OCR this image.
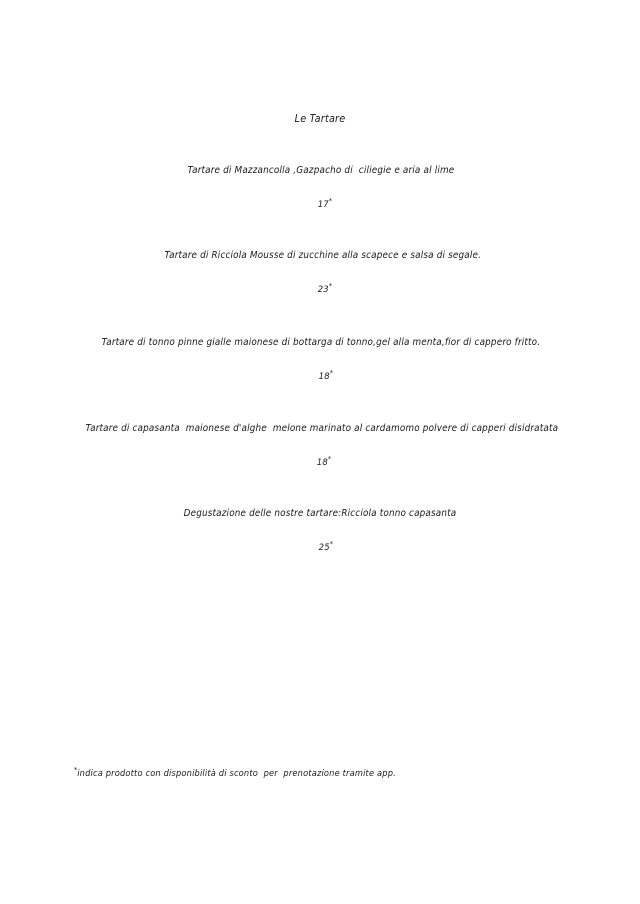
Le Tartare
Tartare di Mazzancolla ,Gazpacho di  ciliegie e aria al lime

17*

Tartare di Ricciola Mousse di zucchine alla scapece e salsa di segale.

23*

Tartare di tonno pinne gialle maionese di bottarga di tonno,gel alla menta,fior di cappero fritto.

18*

Tartare di capasanta  maionese d'alghe  melone marinato al cardamomo polvere di capperi disidratata

18*

Degustazione delle nostre tartare:Ricciola tonno capasanta

25*

*indica prodotto con disponibilità di sconto  per  prenotazione tramite app.
